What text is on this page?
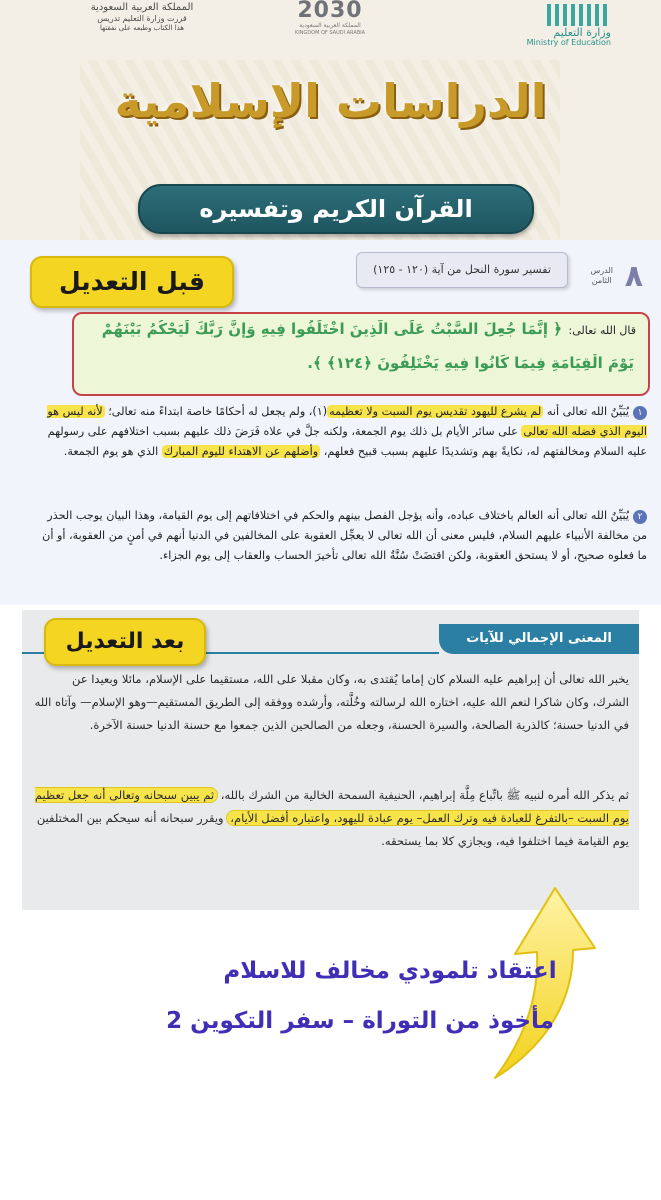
وزارة التعليم
Ministry of Education
2030
المملكة العربية السعودية
KINGDOM OF SAUDI ARABIA
المملكة العربية السعودية
قررت وزارة التعليم تدريس
هذا الكتاب وطبعه على نفقتها
الدراسات الإسلامية
القرآن الكريم وتفسيره
قبل التعديل	تفسير سورة النحل من آية (١٢٠ - ١٢٥)	٨
الدرس
الثامن
قال الله تعالى:
﴿ إِنَّمَا جُعِلَ السَّبْتُ عَلَى الَّذِينَ اخْتَلَفُوا فِيهِ وَإِنَّ رَبَّكَ لَيَحْكُمُ بَيْنَهُمْ
يَوْمَ الْقِيَامَةِ فِيمَا كَانُوا فِيهِ يَخْتَلِفُونَ ﴿١٢٤﴾ ﴾.
١يُبَيِّنُ الله تعالى أنه لم يشرع لليهود تقديس يوم السبت ولا تعظيمه(١)، ولم يجعل له أحكامًا خاصة ابتداءً منه تعالى؛ لأنه ليس هو اليوم الذي فضله الله تعالى على سائر الأيام بل ذلك يوم الجمعة، ولكنه جلَّ في علاه فَرَضَ ذلك عليهم بسبب اختلافهم على رسولهم عليه السلام ومخالفتهم له، نكايةً بهم وتشديدًا عليهم بسبب قبيح فعلهم، وأضلهم عن الاهتداء لليوم المبارك الذي هو يوم الجمعة.
٢يُبَيِّنُ الله تعالى أنه العالم باختلاف عباده، وأنه يؤجل الفصل بينهم والحكم في اختلافاتهم إلى يوم القيامة، وهذا البيان يوجب الحذر من مخالفة الأنبياء عليهم السلام، فليس معنى أن الله تعالى لا يعجِّل العقوبة على المخالفين في الدنيا أنهم في أمنٍ من العقوبة، أو أن ما فعلوه صحيح، أو لا يستحق العقوبة، ولكن اقتضَتْ سُنَّةُ الله تعالى تأخيرَ الحساب والعقاب إلى يوم الجزاء.
المعنى الإجمالي للآيات
بعد التعديل
يخبر الله تعالى أن إبراهيم عليه السلام كان إماما يُقتدى به، وكان مقبلا على الله، مستقيما على الإسلام، مائلا وبعيدا عن الشرك، وكان شاكرا لنعم الله عليه، اختاره الله لرسالته وخُلَّته، وأرشده ووفقه إلى الطريق المستقيم—وهو الإسلام— وآتاه الله في الدنيا حسنة؛ كالذرية الصالحة، والسيرة الحسنة، وجعله من الصالحين الذين جمعوا مع حسنة الدنيا حسنة الآخرة.
ثم يذكر الله أمره لنبيه ﷺ باتِّباع مِلَّة إبراهيم، الحنيفية السمحة الخالية من الشرك بالله، ثم يبين سبحانه وتعالى أنه جعل تعظيم يوم السبت –بالتفرغ للعبادة فيه وترك العمل– يوم عبادة لليهود، واعتباره أفضل الأيام، ويقرر سبحانه أنه سيحكم بين المختلفين يوم القيامة فيما اختلفوا فيه، ويجازي كلا بما يستحقه.
اعتقاد تلمودي مخالف للاسلام
مأخوذ من التوراة – سفر التكوين 2
